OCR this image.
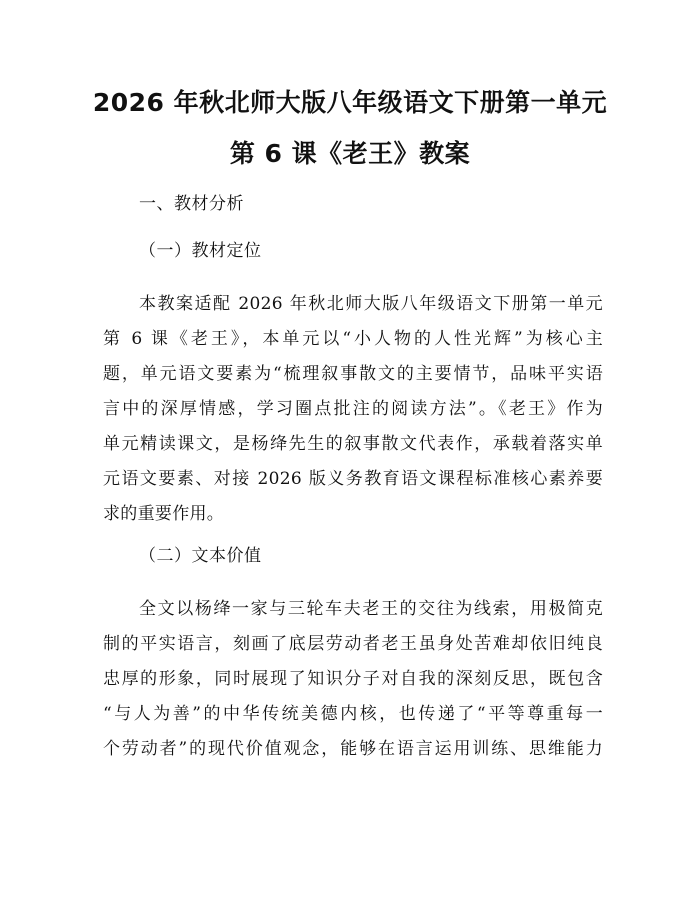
2026 年秋北师大版八年级语文下册第一单元
第 6 课《老王》教案
一、教材分析
（一）教材定位
本教案适配 2026 年秋北师大版八年级语文下册第一单元
第 6 课《老王》，本单元以“小人物的人性光辉”为核心主
题，单元语文要素为“梳理叙事散文的主要情节，品味平实语
言中的深厚情感，学习圈点批注的阅读方法”。《老王》作为
单元精读课文，是杨绛先生的叙事散文代表作，承载着落实单
元语文要素、对接 2026 版义务教育语文课程标准核心素养要
求的重要作用。
（二）文本价值
全文以杨绛一家与三轮车夫老王的交往为线索，用极简克
制的平实语言，刻画了底层劳动者老王虽身处苦难却依旧纯良
忠厚的形象，同时展现了知识分子对自我的深刻反思，既包含
“与人为善”的中华传统美德内核，也传递了“平等尊重每一
个劳动者”的现代价值观念，能够在语言运用训练、思维能力
